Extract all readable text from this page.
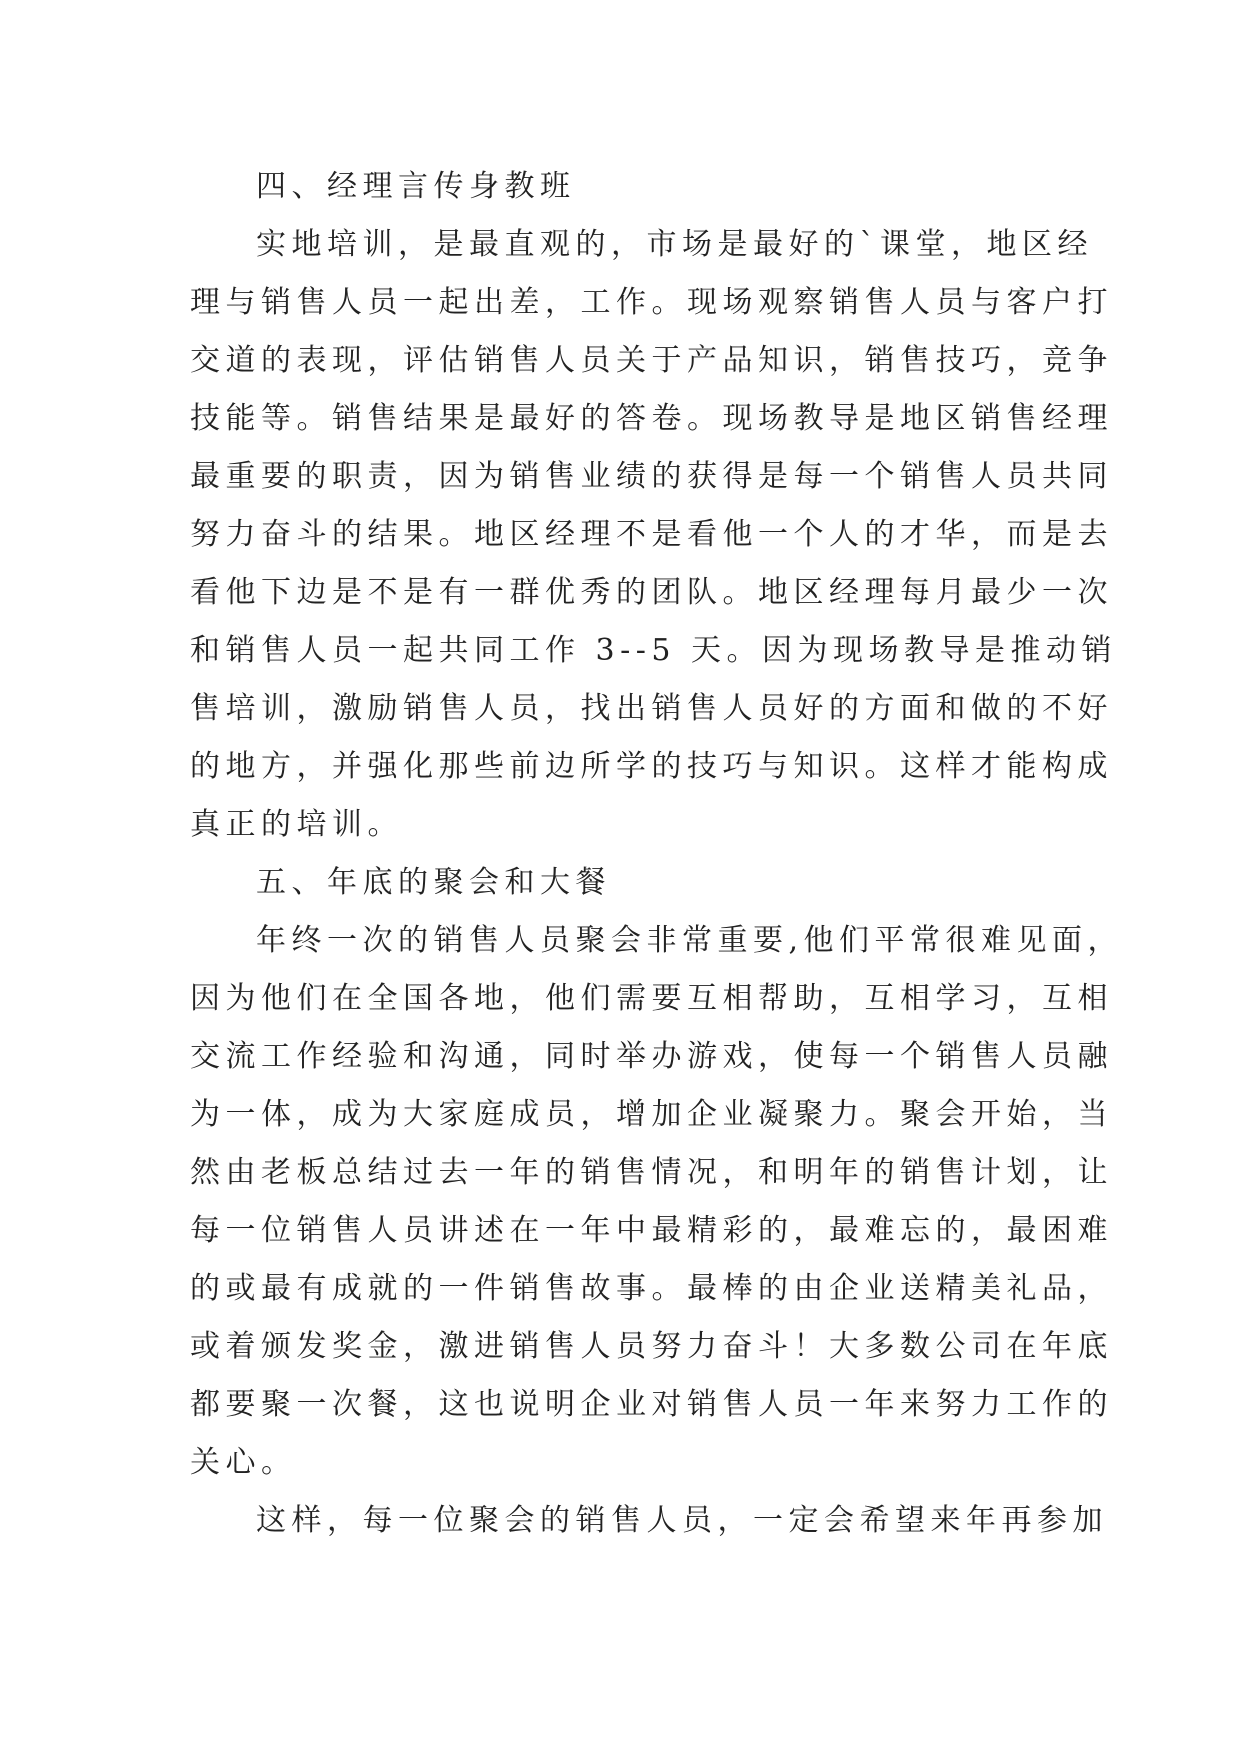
四、经理言传身教班
实地培训，是最直观的，市场是最好的`课堂，地区经
理与销售人员一起出差，工作。现场观察销售人员与客户打
交道的表现，评估销售人员关于产品知识，销售技巧，竞争
技能等。销售结果是最好的答卷。现场教导是地区销售经理
最重要的职责，因为销售业绩的获得是每一个销售人员共同
努力奋斗的结果。地区经理不是看他一个人的才华，而是去
看他下边是不是有一群优秀的团队。地区经理每月最少一次
和销售人员一起共同工作 3--5 天。因为现场教导是推动销
售培训，激励销售人员，找出销售人员好的方面和做的不好
的地方，并强化那些前边所学的技巧与知识。这样才能构成
真正的培训。
五、年底的聚会和大餐
年终一次的销售人员聚会非常重要,他们平常很难见面，
因为他们在全国各地，他们需要互相帮助，互相学习，互相
交流工作经验和沟通，同时举办游戏，使每一个销售人员融
为一体，成为大家庭成员，增加企业凝聚力。聚会开始，当
然由老板总结过去一年的销售情况，和明年的销售计划，让
每一位销售人员讲述在一年中最精彩的，最难忘的，最困难
的或最有成就的一件销售故事。最棒的由企业送精美礼品，
或着颁发奖金，激进销售人员努力奋斗！大多数公司在年底
都要聚一次餐，这也说明企业对销售人员一年来努力工作的
关心。
这样，每一位聚会的销售人员，一定会希望来年再参加
